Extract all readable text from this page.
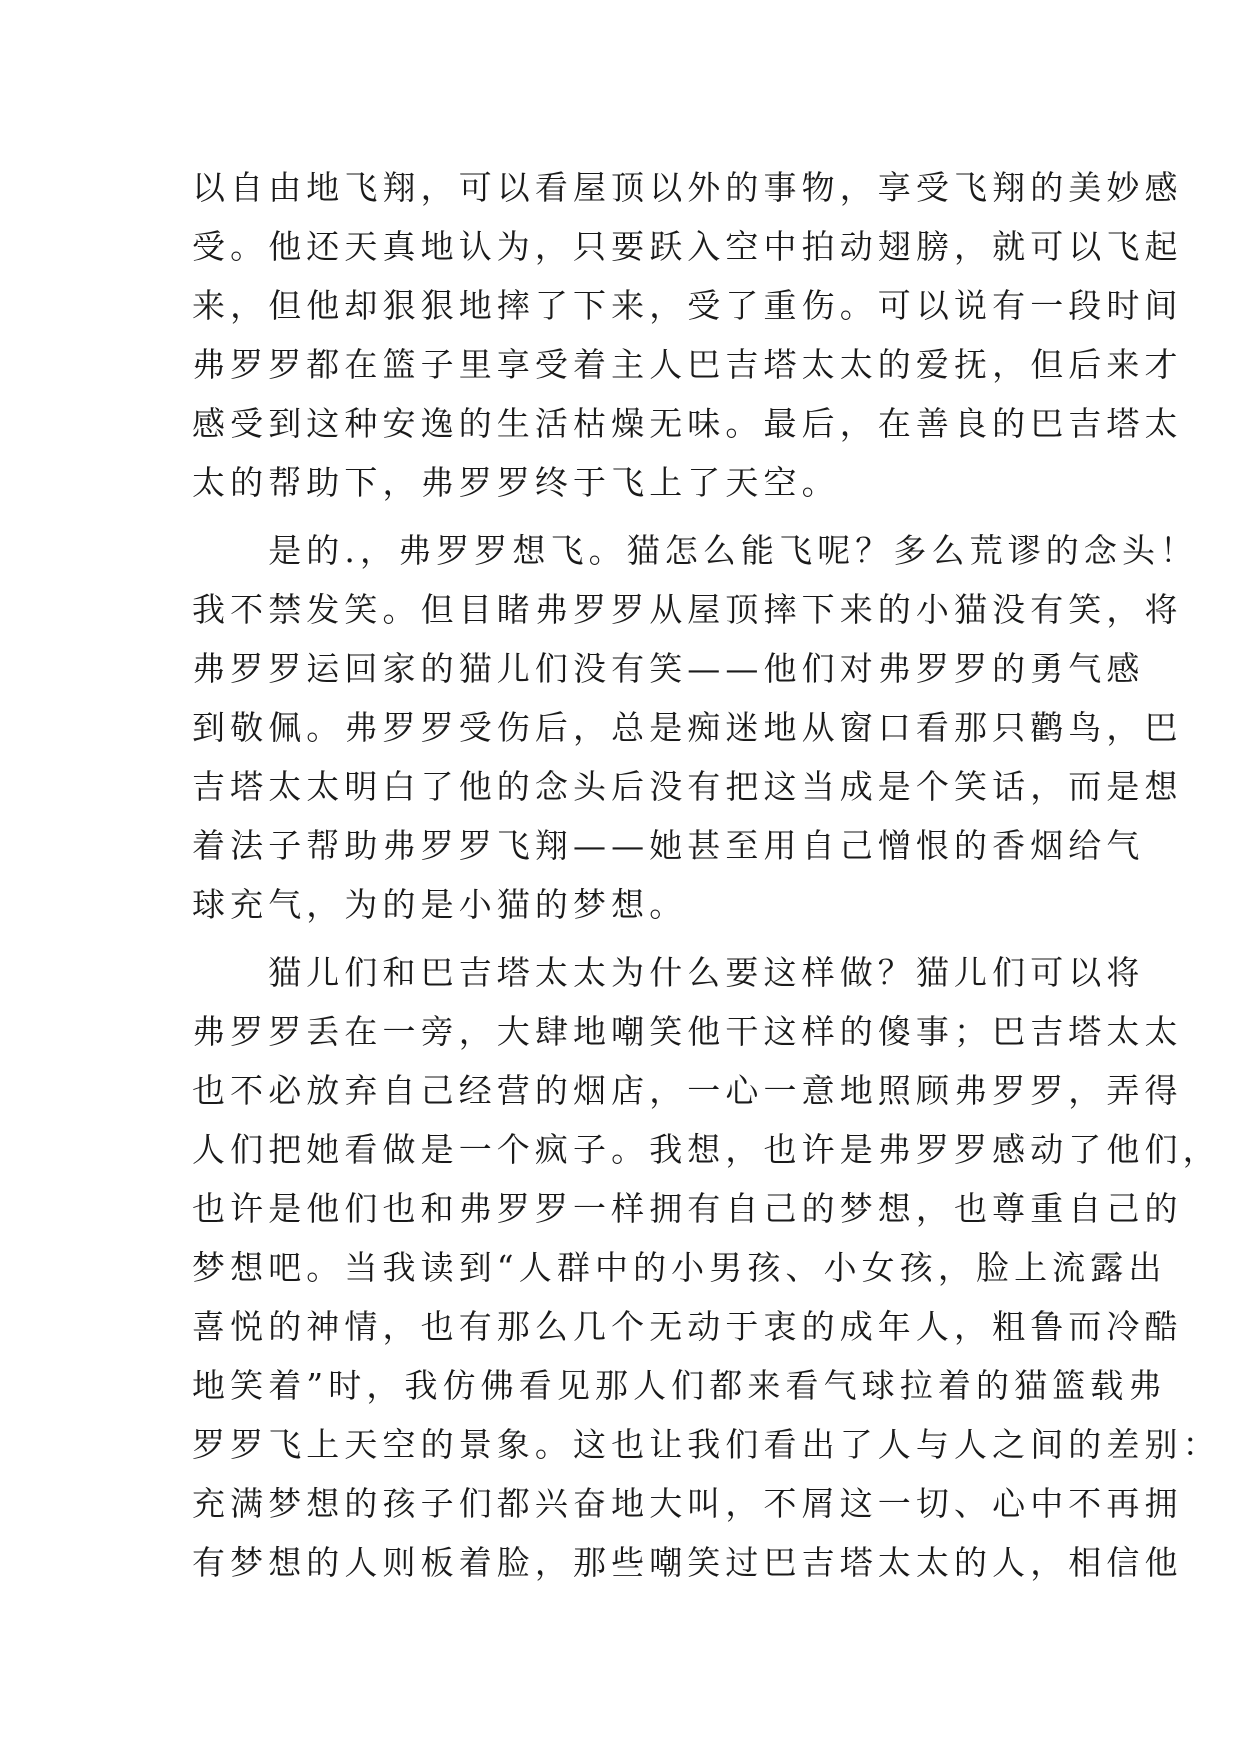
以自由地飞翔，可以看屋顶以外的事物，享受飞翔的美妙感
受。他还天真地认为，只要跃入空中拍动翅膀，就可以飞起
来，但他却狠狠地摔了下来，受了重伤。可以说有一段时间
弗罗罗都在篮子里享受着主人巴吉塔太太的爱抚，但后来才
感受到这种安逸的生活枯燥无味。最后，在善良的巴吉塔太
太的帮助下，弗罗罗终于飞上了天空。
　　是的.，弗罗罗想飞。猫怎么能飞呢？多么荒谬的念头！
我不禁发笑。但目睹弗罗罗从屋顶摔下来的小猫没有笑，将
弗罗罗运回家的猫儿们没有笑——他们对弗罗罗的勇气感
到敬佩。弗罗罗受伤后，总是痴迷地从窗口看那只鹳鸟，巴
吉塔太太明白了他的念头后没有把这当成是个笑话，而是想
着法子帮助弗罗罗飞翔——她甚至用自己憎恨的香烟给气
球充气，为的是小猫的梦想。
　　猫儿们和巴吉塔太太为什么要这样做？猫儿们可以将
弗罗罗丢在一旁，大肆地嘲笑他干这样的傻事；巴吉塔太太
也不必放弃自己经营的烟店，一心一意地照顾弗罗罗，弄得
人们把她看做是一个疯子。我想，也许是弗罗罗感动了他们，
也许是他们也和弗罗罗一样拥有自己的梦想，也尊重自己的
梦想吧。当我读到“人群中的小男孩、小女孩，脸上流露出
喜悦的神情，也有那么几个无动于衷的成年人，粗鲁而冷酷
地笑着”时，我仿佛看见那人们都来看气球拉着的猫篮载弗
罗罗飞上天空的景象。这也让我们看出了人与人之间的差别：
充满梦想的孩子们都兴奋地大叫，不屑这一切、心中不再拥
有梦想的人则板着脸，那些嘲笑过巴吉塔太太的人，相信他
